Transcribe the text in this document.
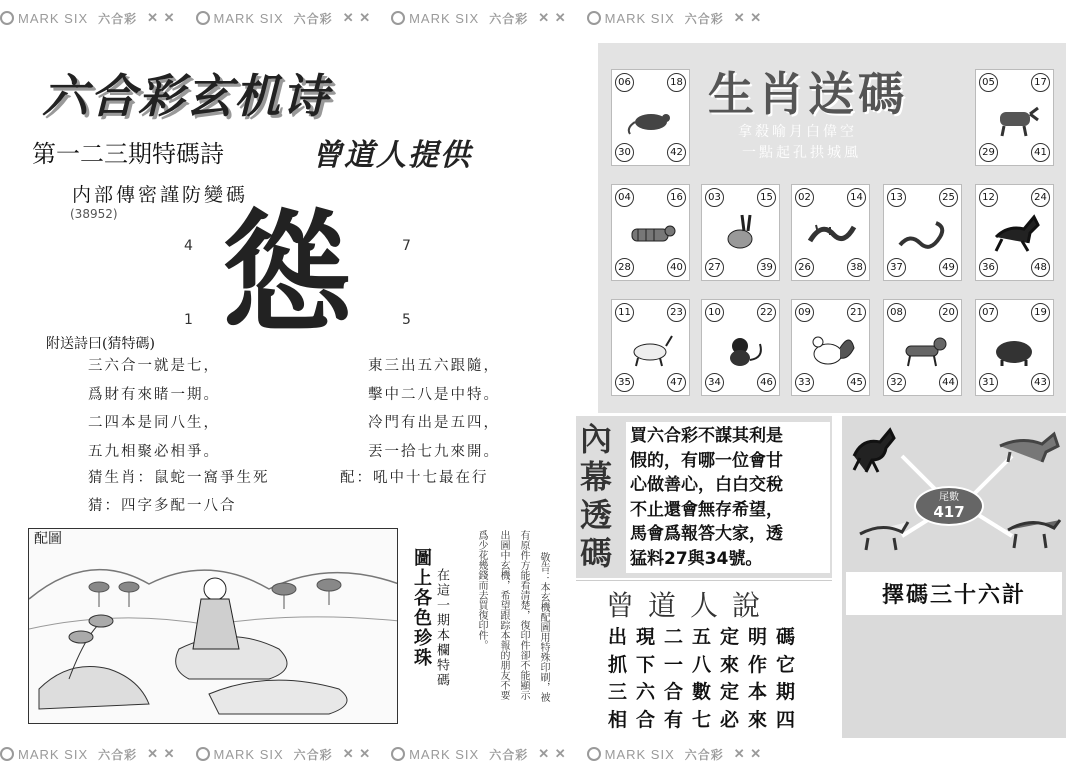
MARK SIX 六合彩 ✕ ✕	MARK SIX 六合彩 ✕ ✕	MARK SIX 六合彩 ✕ ✕	MARK SIX 六合彩 ✕ ✕
MARK SIX 六合彩 ✕ ✕	MARK SIX 六合彩 ✕ ✕	MARK SIX 六合彩 ✕ ✕	MARK SIX 六合彩 ✕ ✕
六合彩玄机诗
第一二三期特碼詩	曾道人提供
内部傳密謹防變碼
(38952) 慫
4	7
1	5
附送詩曰(猜特碼)
三六合一就是七，
爲財有來睹一期。
二四本是同八生，
五九相聚必相爭。
東三出五六跟隨，
擊中二八是中特。
冷門有出是五四，
丟一拾七九來開。
猜生肖：鼠蛇一窩爭生死	配：吼中十七最在行
猜：四字多配一八合
配圖
圖上各色珍珠 在這一期本欄特碼	敬告：本玄機配圖用特殊印刷，被
有原件方能看清楚，復印件卻不能顯示
出圖中玄機，希望跟踪本報的朋友不要
爲少花幾錢而去買復印件。
生肖送碼
拿殺喻月白偉空
一點起孔拱城風
06	18
30	42
05	17
29	41
04	16
28	40
03	15
27	39
02	14
26	38
13	25
37	49
12	24
36	48
11	23
35	47
10	22
34	46
09	21
33	45
08	20
32	44
07	19
31	43
內幕透碼
買六合彩不謀其利是
假的，有哪一位會甘
心做善心，白白交稅
不止還會無存希望，
馬會爲報答大家，透
猛料27與34號。
曾道人說
出現二五定明碼
抓下一八來作它
三六合數定本期
相合有七必來四
尾數
417
擇碼三十六計
